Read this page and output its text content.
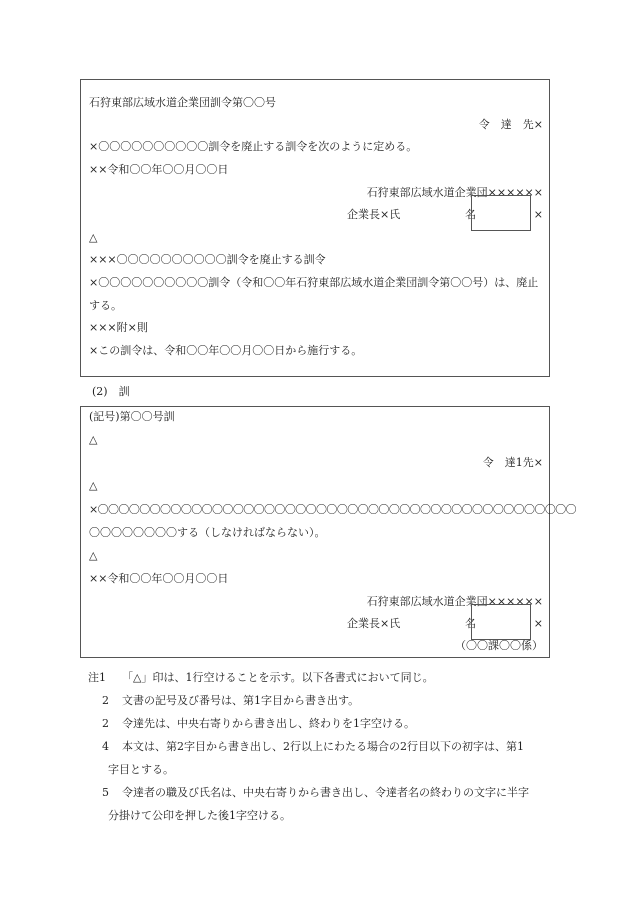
石狩東部広域水道企業団訓令第〇〇号
令　達　先×
×〇〇〇〇〇〇〇〇〇〇訓令を廃止する訓令を次のように定める。
××令和〇〇年〇〇月〇〇日
石狩東部広域水道企業団××××××
企業長×氏	名	×
△
×××〇〇〇〇〇〇〇〇〇〇訓令を廃止する訓令
×〇〇〇〇〇〇〇〇〇〇訓令（令和〇〇年石狩東部広域水道企業団訓令第〇〇号）は、廃止
する。
×××附×則
×この訓令は、令和〇〇年〇〇月〇〇日から施行する。
(2)　訓
(記号)第〇〇号訓
△
令　達1先×
△
×〇〇〇〇〇〇〇〇〇〇〇〇〇〇〇〇〇〇〇〇〇〇〇〇〇〇〇〇〇〇〇〇〇〇〇〇〇〇〇〇〇〇〇〇〇〇
〇〇〇〇〇〇〇〇する（しなければならない）。
△
××令和〇〇年〇〇月〇〇日
石狩東部広域水道企業団××××××
企業長×氏	名	×
（〇〇課〇〇係）
注1 「△」印は、1行空けることを示す。以下各書式において同じ。
2 文書の記号及び番号は、第1字目から書き出す。
2 令達先は、中央右寄りから書き出し、終わりを1字空ける。
4 本文は、第2字目から書き出し、2行以上にわたる場合の2行目以下の初字は、第1
字目とする。
5 令達者の職及び氏名は、中央右寄りから書き出し、令達者名の終わりの文字に半字
分掛けて公印を押した後1字空ける。
